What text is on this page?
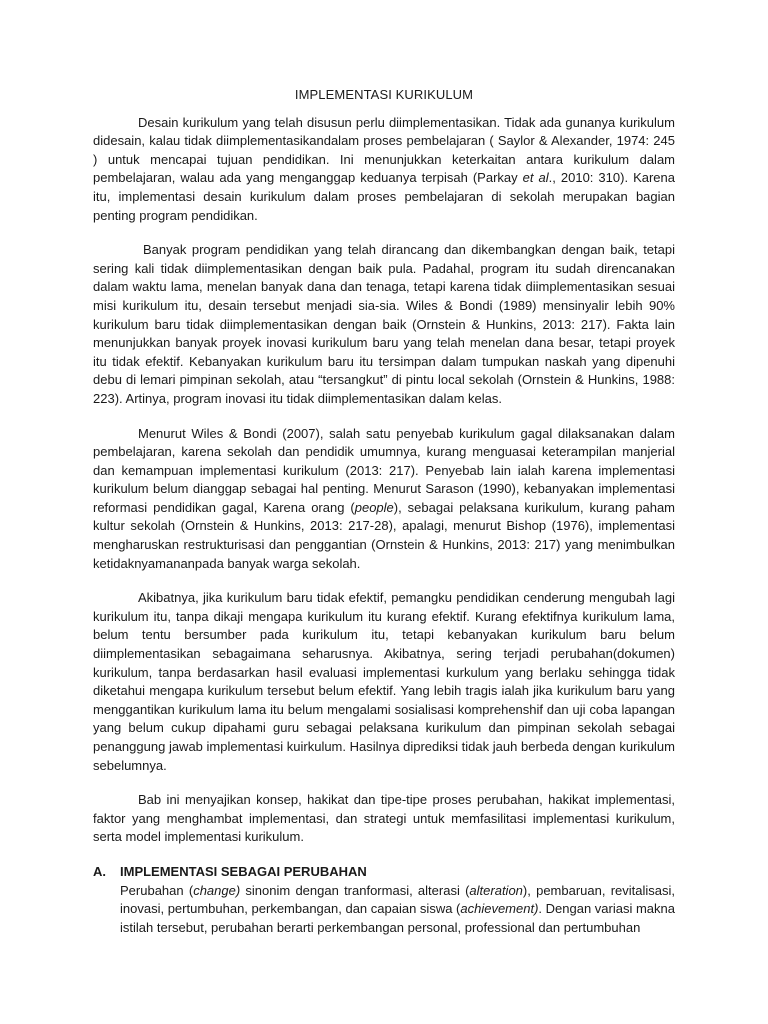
IMPLEMENTASI KURIKULUM

Desain kurikulum yang telah disusun perlu diimplementasikan. Tidak ada gunanya kurikulum didesain, kalau tidak diimplementasikandalam proses pembelajaran ( Saylor & Alexander, 1974: 245 ) untuk mencapai tujuan pendidikan. Ini menunjukkan keterkaitan antara kurikulum dalam pembelajaran, walau ada yang menganggap keduanya terpisah (Parkay et al., 2010: 310). Karena itu, implementasi desain kurikulum dalam proses pembelajaran di sekolah merupakan bagian penting program pendidikan.

Banyak program pendidikan yang telah dirancang dan dikembangkan dengan baik, tetapi sering kali tidak diimplementasikan dengan baik pula. Padahal, program itu sudah direncanakan dalam waktu lama, menelan banyak dana dan tenaga, tetapi karena tidak diimplementasikan sesuai misi kurikulum itu, desain tersebut menjadi sia-sia. Wiles & Bondi (1989) mensinyalir lebih 90% kurikulum baru tidak diimplementasikan dengan baik (Ornstein & Hunkins, 2013: 217). Fakta lain menunjukkan banyak proyek inovasi kurikulum baru yang telah menelan dana besar, tetapi proyek itu tidak efektif. Kebanyakan kurikulum baru itu tersimpan dalam tumpukan naskah yang dipenuhi debu di lemari pimpinan sekolah, atau “tersangkut” di pintu local sekolah (Ornstein & Hunkins, 1988: 223). Artinya, program inovasi itu tidak diimplementasikan dalam kelas.

Menurut Wiles & Bondi (2007), salah satu penyebab kurikulum gagal dilaksanakan dalam pembelajaran, karena sekolah dan pendidik umumnya, kurang menguasai keterampilan manjerial dan kemampuan implementasi kurikulum (2013: 217). Penyebab lain ialah karena implementasi kurikulum belum dianggap sebagai hal penting. Menurut Sarason (1990), kebanyakan implementasi reformasi pendidikan gagal, Karena orang (people), sebagai pelaksana kurikulum, kurang paham kultur sekolah (Ornstein & Hunkins, 2013: 217-28), apalagi, menurut Bishop (1976), implementasi mengharuskan restrukturisasi dan penggantian (Ornstein & Hunkins, 2013: 217) yang menimbulkan ketidaknyamananpada banyak warga sekolah.

Akibatnya, jika kurikulum baru tidak efektif, pemangku pendidikan cenderung mengubah lagi kurikulum itu, tanpa dikaji mengapa kurikulum itu kurang efektif. Kurang efektifnya kurikulum lama, belum tentu bersumber pada kurikulum itu, tetapi kebanyakan kurikulum baru belum diimplementasikan sebagaimana seharusnya. Akibatnya, sering terjadi perubahan(dokumen) kurikulum, tanpa berdasarkan hasil evaluasi implementasi kurkulum yang berlaku sehingga tidak diketahui mengapa kurikulum tersebut belum efektif. Yang lebih tragis ialah jika kurikulum baru yang menggantikan kurikulum lama itu belum mengalami sosialisasi komprehenshif dan uji coba lapangan yang belum cukup dipahami guru sebagai pelaksana kurikulum dan pimpinan sekolah sebagai penanggung jawab implementasi kuirkulum. Hasilnya diprediksi tidak jauh berbeda dengan kurikulum sebelumnya.

Bab ini menyajikan konsep, hakikat dan tipe-tipe proses perubahan, hakikat implementasi, faktor yang menghambat implementasi, dan strategi untuk memfasilitasi implementasi kurikulum, serta model implementasi kurikulum.

A.	IMPLEMENTASI SEBAGAI PERUBAHAN

Perubahan (change) sinonim dengan tranformasi, alterasi (alteration), pembaruan, revitalisasi, inovasi, pertumbuhan, perkembangan, dan capaian siswa (achievement). Dengan variasi makna istilah tersebut, perubahan berarti perkembangan personal, professional dan pertumbuhan
